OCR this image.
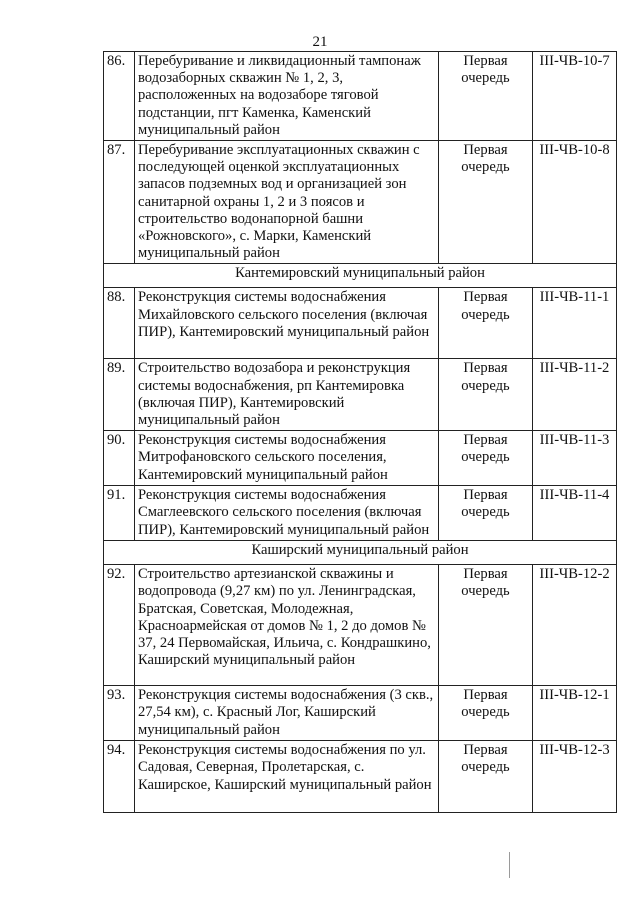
21
86.	Перебуривание и ликвидационный тампонаж водозаборных скважин № 1, 2, 3, расположенных на водозаборе тяговой подстанции, пгт Каменка, Каменский муниципальный район	Первая очередь	III-ЧВ-10-7
87.	Перебуривание эксплуатационных скважин с последующей оценкой эксплуатационных запасов подземных вод и организацией зон санитарной охраны 1, 2 и 3 поясов и строительство водонапорной башни «Рожновского», с. Марки, Каменский муниципальный район	Первая очередь	III-ЧВ-10-8
Кантемировский муниципальный район			
88.	Реконструкция системы водоснабжения Михайловского сельского поселения (включая ПИР), Кантемировский муниципальный район	Первая очередь	III-ЧВ-11-1
89.	Строительство водозабора и реконструкция системы водоснабжения, рп Кантемировка (включая ПИР), Кантемировский муниципальный район	Первая очередь	III-ЧВ-11-2
90.	Реконструкция системы водоснабжения Митрофановского сельского поселения, Кантемировский муниципальный район	Первая очередь	III-ЧВ-11-3
91.	Реконструкция системы водоснабжения Смаглеевского сельского поселения (включая ПИР), Кантемировский муниципальный район	Первая очередь	III-ЧВ-11-4
Каширский муниципальный район			
92.	Строительство артезианской скважины и водопровода (9,27 км) по ул. Ленинградская, Братская, Советская, Молодежная, Красноармейская от домов № 1, 2 до домов № 37, 24 Первомайская, Ильича, с. Кондрашкино, Каширский муниципальный район	Первая очередь	III-ЧВ-12-2
93.	Реконструкция системы водоснабжения (3 скв., 27,54 км), с. Красный Лог, Каширский муниципальный район	Первая очередь	III-ЧВ-12-1
94.	Реконструкция системы водоснабжения по ул. Садовая, Северная, Пролетарская, с. Каширское, Каширский муниципальный район	Первая очередь	III-ЧВ-12-3
